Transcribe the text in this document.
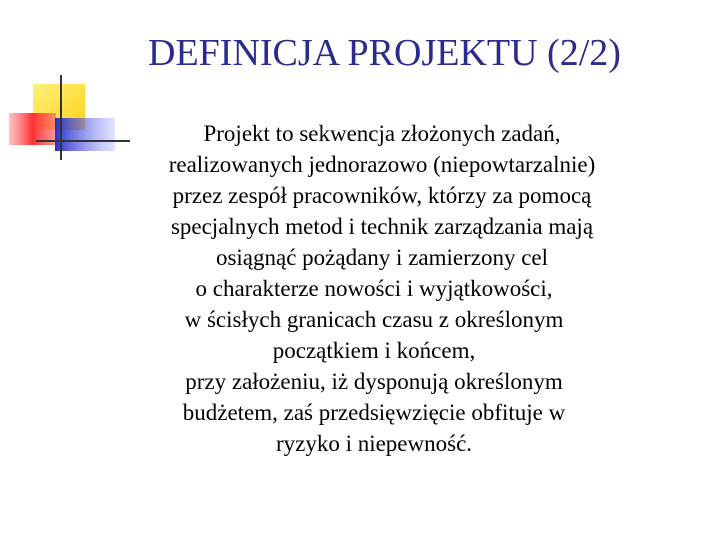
DEFINICJA PROJEKTU (2/2)

Projekt to sekwencja złożonych zadań,
realizowanych jednorazowo (niepowtarzalnie)
przez zespół pracowników, którzy za pomocą
specjalnych metod i technik zarządzania mają
osiągnąć pożądany i zamierzony cel

o charakterze nowości i wyjątkowości,

w ścisłych granicach czasu z określonym
początkiem i końcem,

przy założeniu, iż dysponują określonym
budżetem, zaś przedsięwzięcie obfituje w
ryzyko i niepewność.
